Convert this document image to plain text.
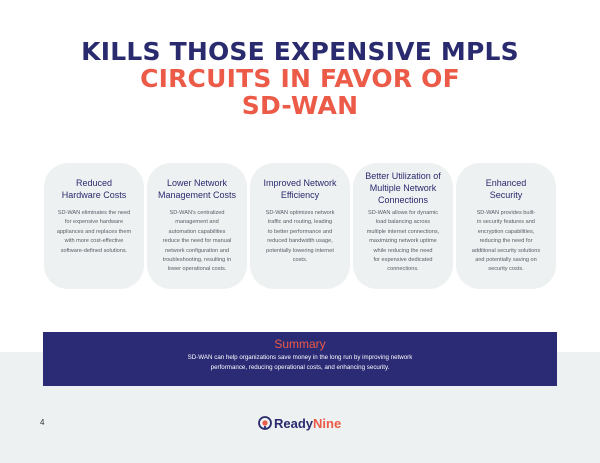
KILLS THOSE EXPENSIVE MPLS
CIRCUITS IN FAVOR OF
SD-WAN
Reduced
Hardware Costs
SD-WAN eliminates the need
for expensive hardware
appliances and replaces them
with more cost-effective
software-defined solutions.
Lower Network
Management Costs
SD-WAN's centralized
management and
automation capabilities
reduce the need for manual
network configuration and
troubleshooting, resulting in
lower operational costs.
Improved Network
Efficiency
SD-WAN optimizes network
traffic and routing, leading
to better performance and
reduced bandwidth usage,
potentially lowering internet
costs.
Better Utilization of
Multiple Network
Connections
SD-WAN allows for dynamic
load balancing across
multiple internet connections,
maximizing network uptime
while reducing the need
for expensive dedicated
connections.
Enhanced
Security
SD-WAN provides built-
in security features and
encryption capabilities,
reducing the need for
additional security solutions
and potentially saving on
security costs.
Summary
SD-WAN can help organizations save money in the long run by improving network performance, reducing operational costs, and enhancing security.
4	Ready Nine
